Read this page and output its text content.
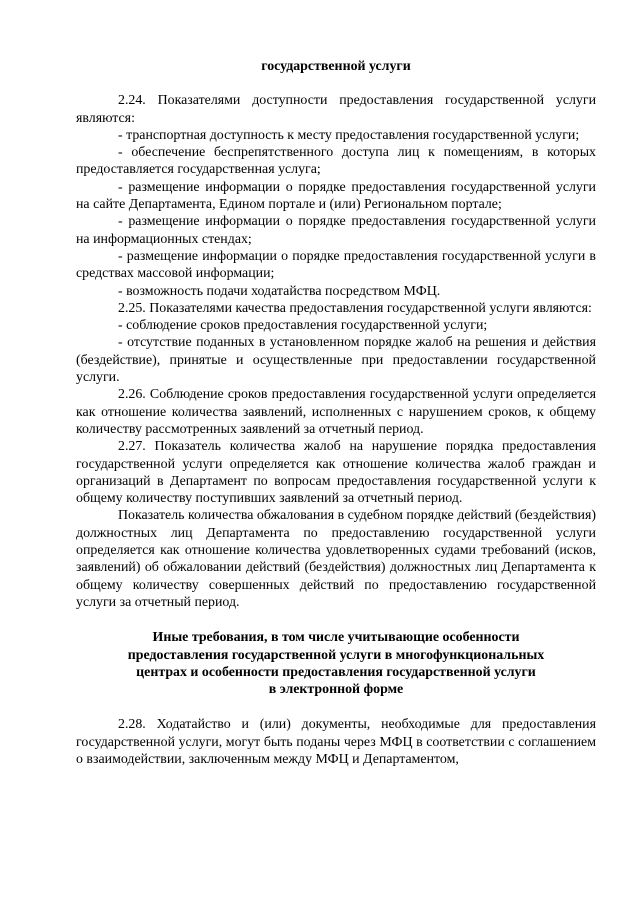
государственной услуги

2.24. Показателями доступности предоставления государственной услуги являются:

- транспортная доступность к месту предоставления государственной услуги;

- обеспечение беспрепятственного доступа лиц к помещениям, в которых предоставляется государственная услуга;

- размещение информации о порядке предоставления государственной услуги на сайте Департамента, Едином портале и (или) Региональном портале;

- размещение информации о порядке предоставления государственной услуги на информационных стендах;

- размещение информации о порядке предоставления государственной услуги в средствах массовой информации;

- возможность подачи ходатайства посредством МФЦ.

2.25. Показателями качества предоставления государственной услуги являются:

- соблюдение сроков предоставления государственной услуги;

- отсутствие поданных в установленном порядке жалоб на решения и действия (бездействие), принятые и осуществленные при предоставлении государственной услуги.

2.26. Соблюдение сроков предоставления государственной услуги определяется как отношение количества заявлений, исполненных с нарушением сроков, к общему количеству рассмотренных заявлений за отчетный период.

2.27. Показатель количества жалоб на нарушение порядка предоставления государственной услуги определяется как отношение количества жалоб граждан и организаций в Департамент по вопросам предоставления государственной услуги к общему количеству поступивших заявлений за отчетный период.

Показатель количества обжалования в судебном порядке действий (бездействия) должностных лиц Департамента по предоставлению государственной услуги определяется как отношение количества удовлетворенных судами требований (исков, заявлений) об обжаловании действий (бездействия) должностных лиц Департамента к общему количеству совершенных действий по предоставлению государственной услуги за отчетный период.

Иные требования, в том числе учитывающие особенности
предоставления государственной услуги в многофункциональных
центрах и особенности предоставления государственной услуги
в электронной форме

2.28. Ходатайство и (или) документы, необходимые для предоставления государственной услуги, могут быть поданы через МФЦ в соответствии с соглашением о взаимодействии, заключенным между МФЦ и Департаментом,
